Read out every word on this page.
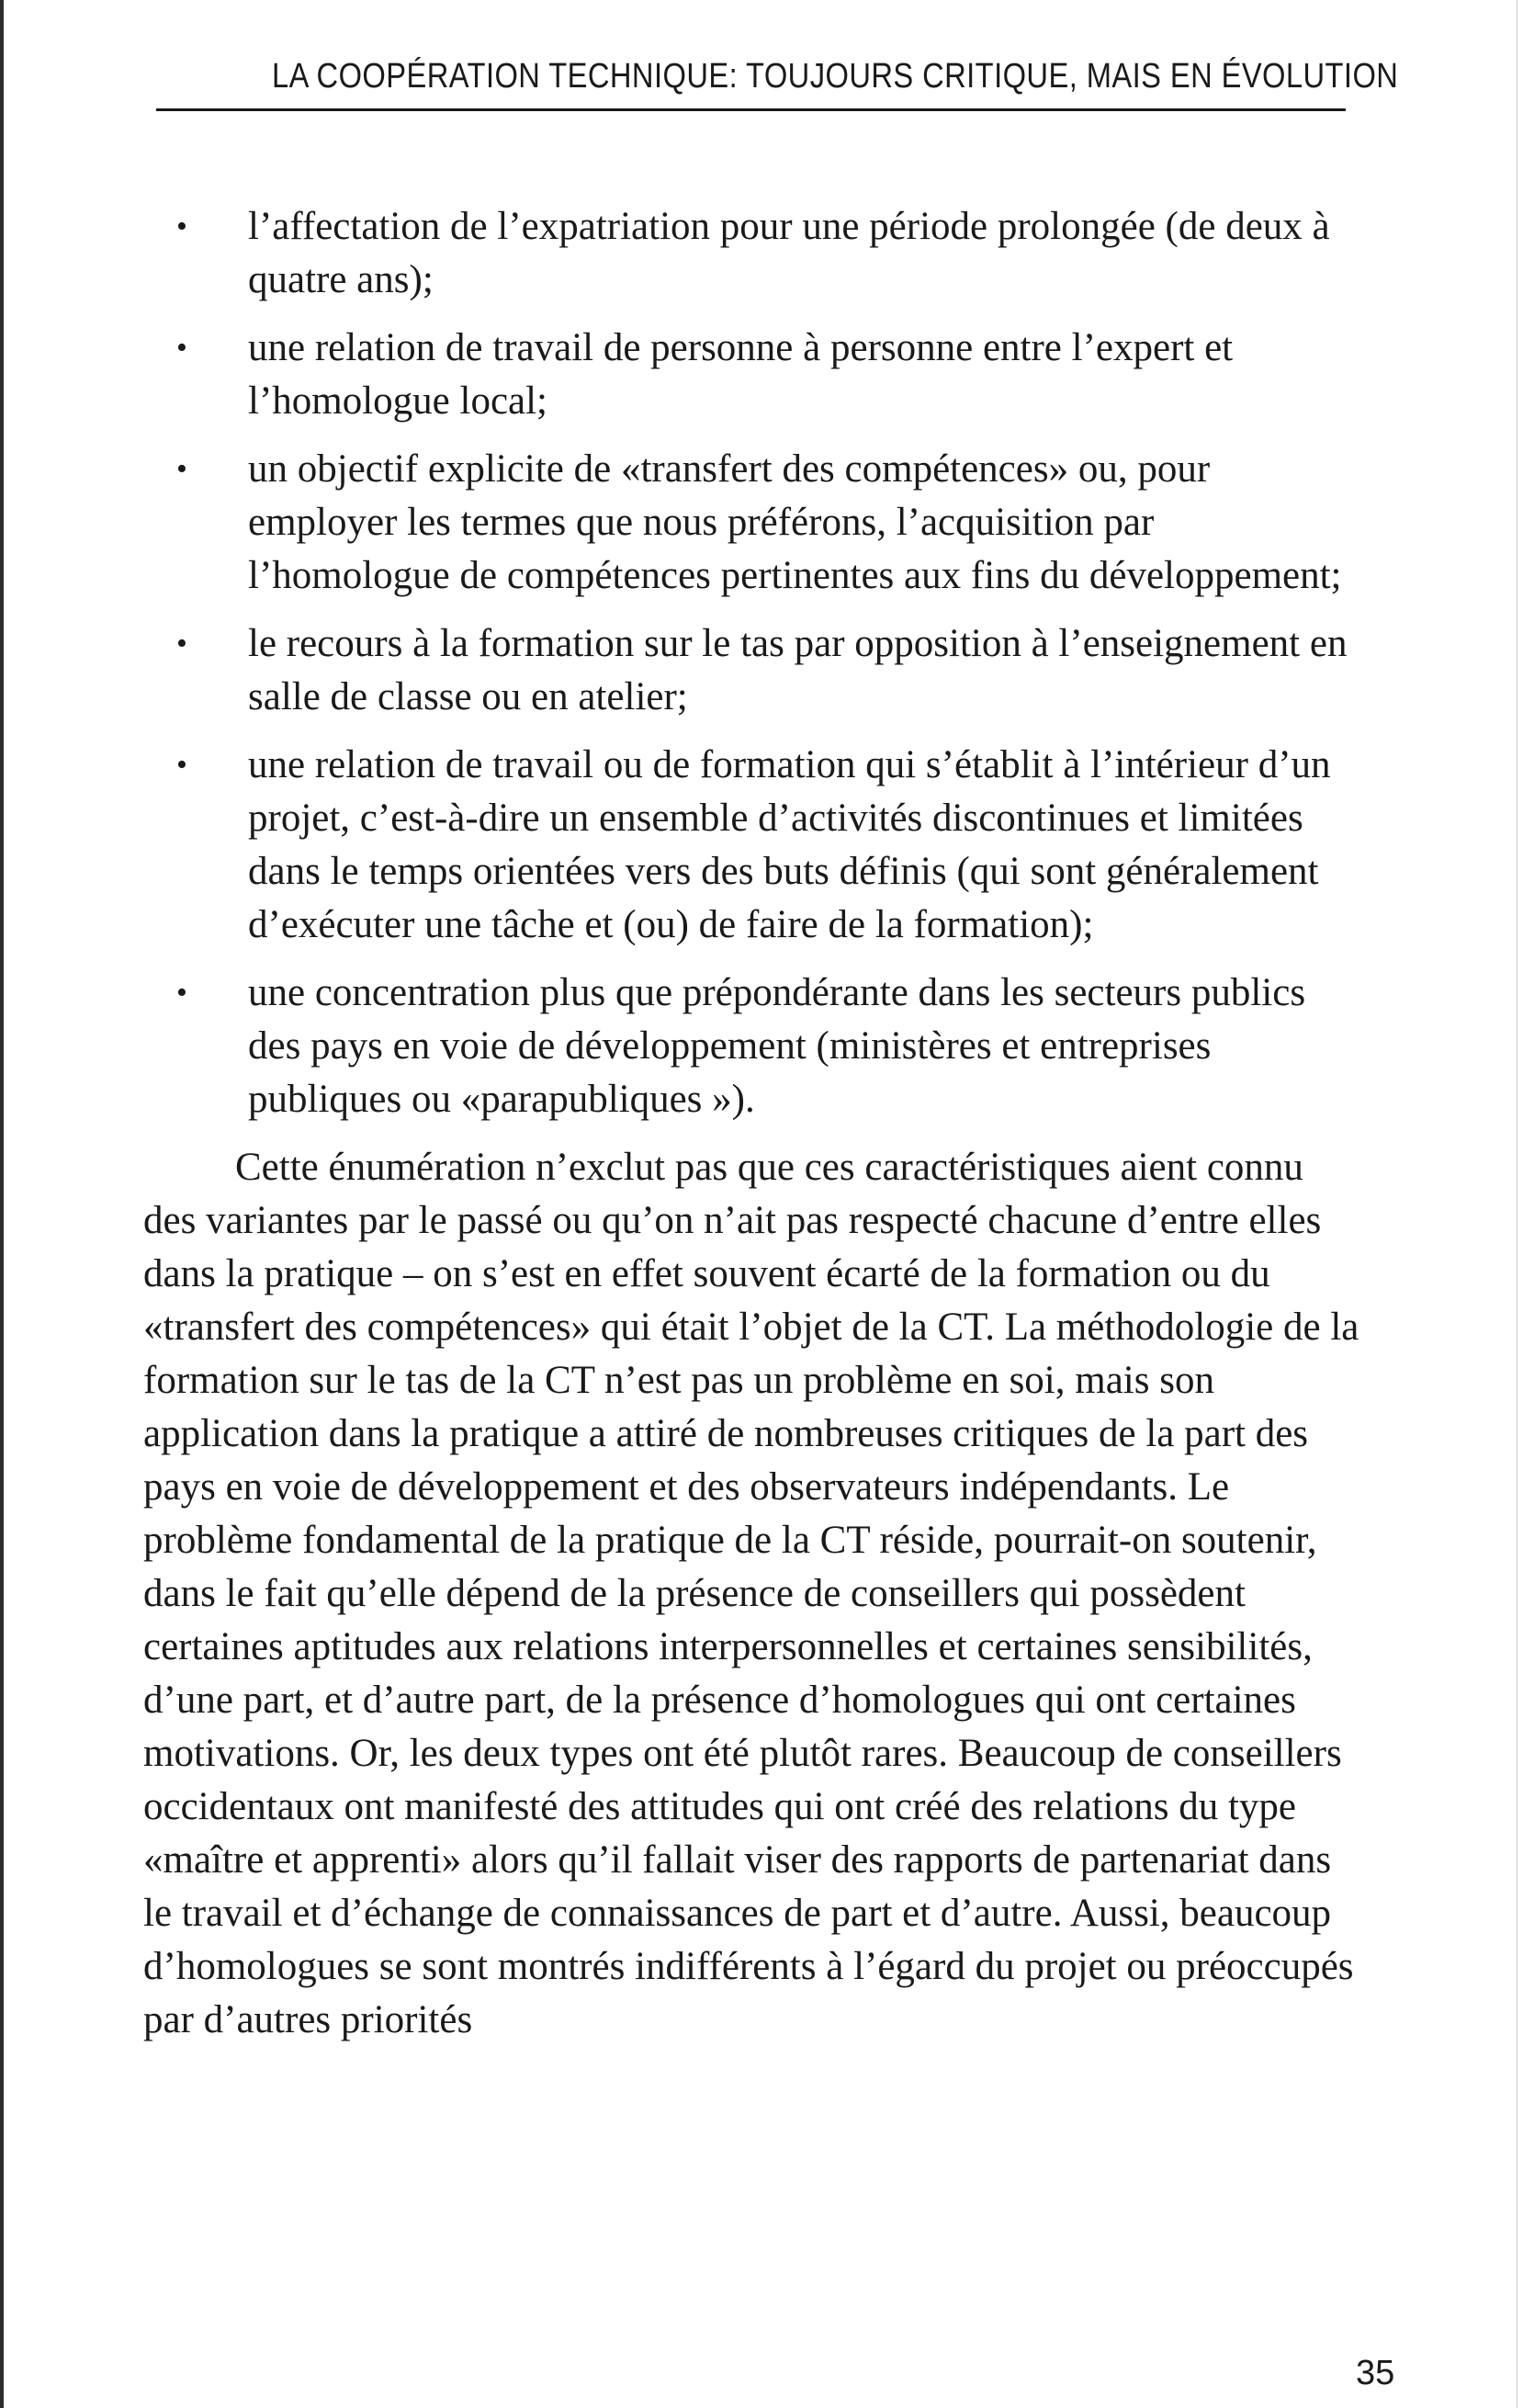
LA COOPÉRATION TECHNIQUE: TOUJOURS CRITIQUE, MAIS EN ÉVOLUTION
• l’affectation de l’expatriation pour une période prolongée (de deux à quatre ans);
• une relation de travail de personne à personne entre l’expert et l’homologue local;
• un objectif explicite de «transfert des compétences» ou, pour employer les termes que nous préférons, l’acquisition par l’homologue de compétences pertinentes aux fins du développement;
• le recours à la formation sur le tas par opposition à l’enseignement en salle de classe ou en atelier;
• une relation de travail ou de formation qui s’établit à l’intérieur d’un projet, c’est-à-dire un ensemble d’activités discontinues et limitées dans le temps orientées vers des buts définis (qui sont généralement d’exécuter une tâche et (ou) de faire de la formation);
• une concentration plus que prépondérante dans les secteurs publics des pays en voie de développement (ministères et entreprises publiques ou «parapubliques »).

Cette énumération n’exclut pas que ces caractéristiques aient connu des variantes par le passé ou qu’on n’ait pas respecté chacune d’entre elles dans la pratique – on s’est en effet souvent écarté de la formation ou du «transfert des compétences» qui était l’objet de la CT. La méthodologie de la formation sur le tas de la CT n’est pas un problème en soi, mais son application dans la pratique a attiré de nombreuses critiques de la part des pays en voie de développement et des observateurs indépendants. Le problème fondamental de la pratique de la CT réside, pourrait-on soutenir, dans le fait qu’elle dépend de la présence de conseillers qui possèdent certaines aptitudes aux relations interpersonnelles et certaines sensibilités, d’une part, et d’autre part, de la présence d’homologues qui ont certaines motivations. Or, les deux types ont été plutôt rares. Beaucoup de conseillers occidentaux ont manifesté des attitudes qui ont créé des relations du type «maître et apprenti» alors qu’il fallait viser des rapports de partenariat dans le travail et d’échange de connaissances de part et d’autre. Aussi, beaucoup d’homologues se sont montrés indifférents à l’égard du projet ou préoccupés par d’autres priorités

35
